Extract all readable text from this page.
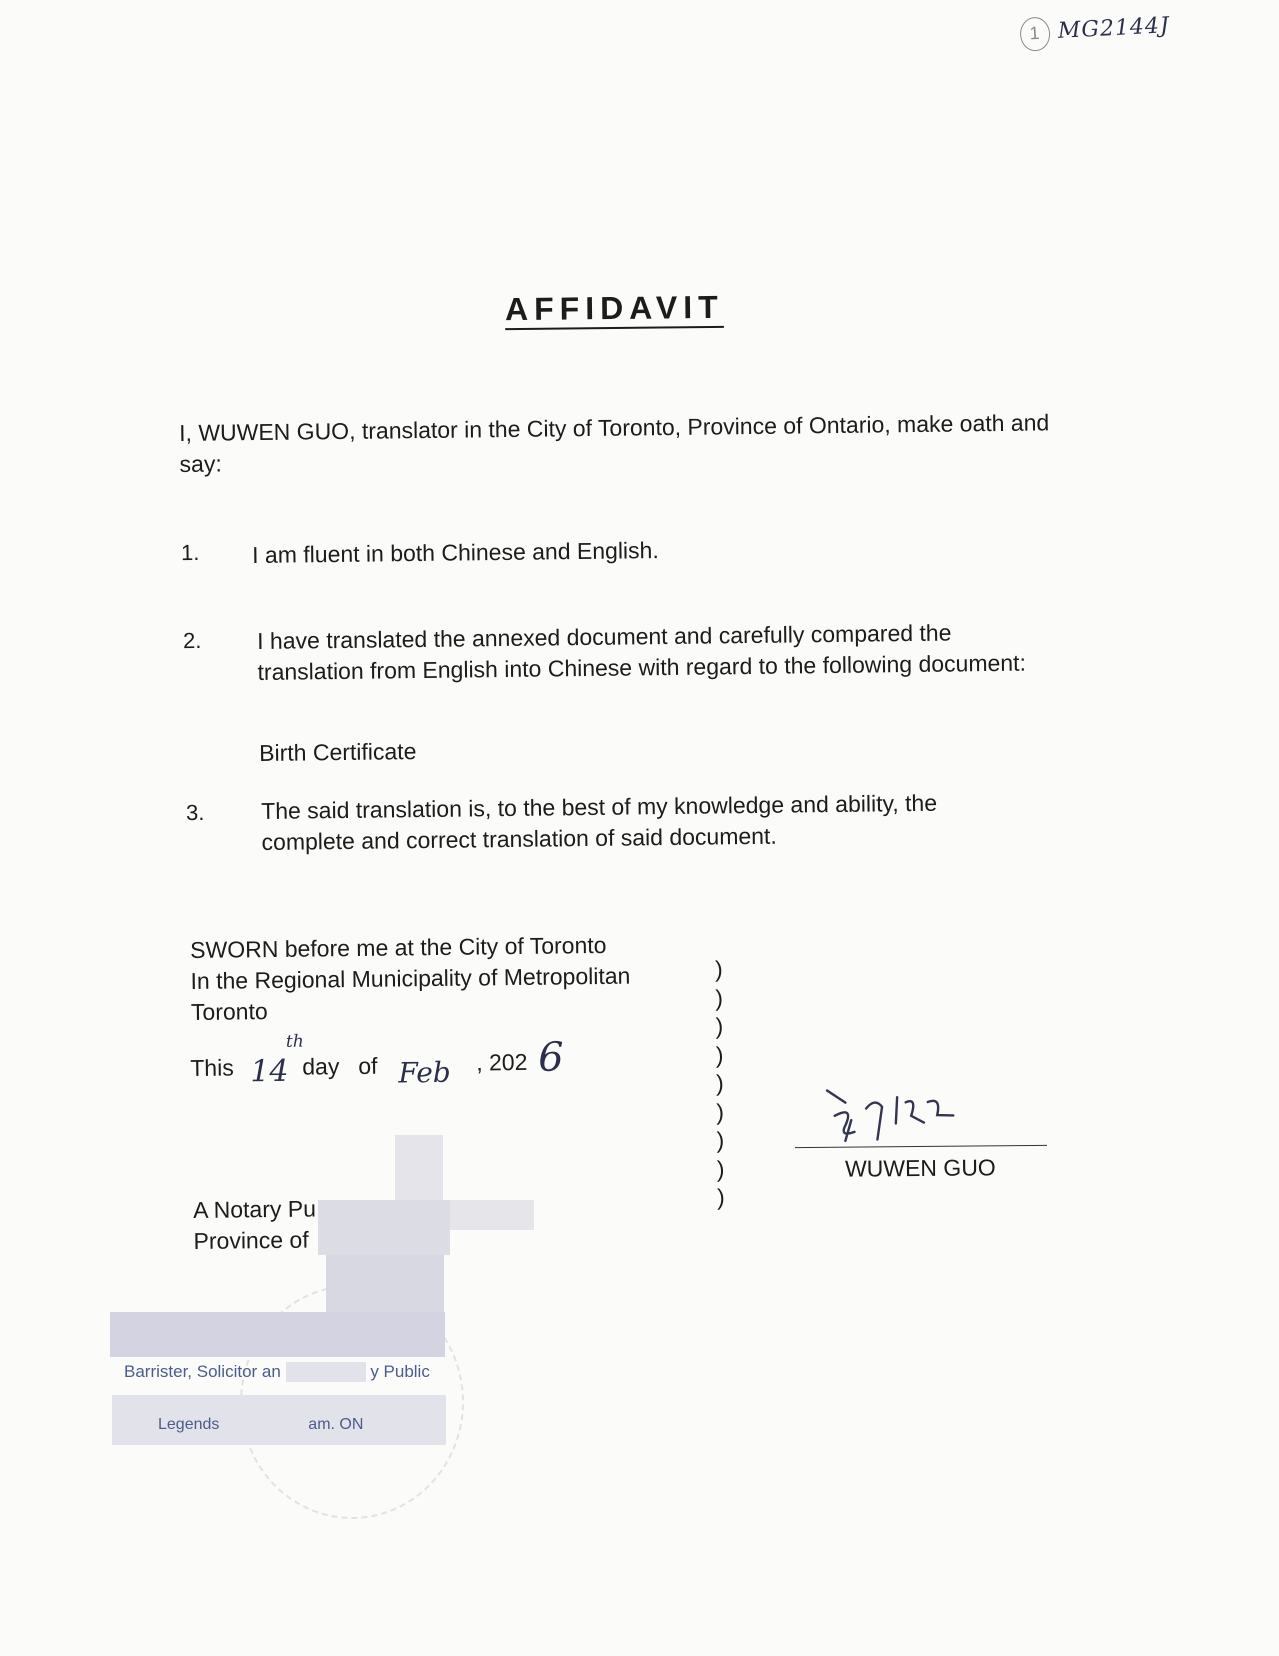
1 MG2144J
AFFIDAVIT
I, WUWEN GUO, translator in the City of Toronto, Province of Ontario, make oath and say:
1. I am fluent in both Chinese and English.
2. I have translated the annexed document and carefully compared the translation from English into Chinese with regard to the following document:
Birth Certificate
3. The said translation is, to the best of my knowledge and ability, the complete and correct translation of said document.
SWORN before me at the City of Toronto
In the Regional Municipality of Metropolitan
Toronto
This 14
th
day of Feb , 202 6
)
)
)
)
)
)
)
)
)
WUWEN GUO
A Notary Pu
Province of
Barrister, Solicitor an	y Public
Legends	am. ON
